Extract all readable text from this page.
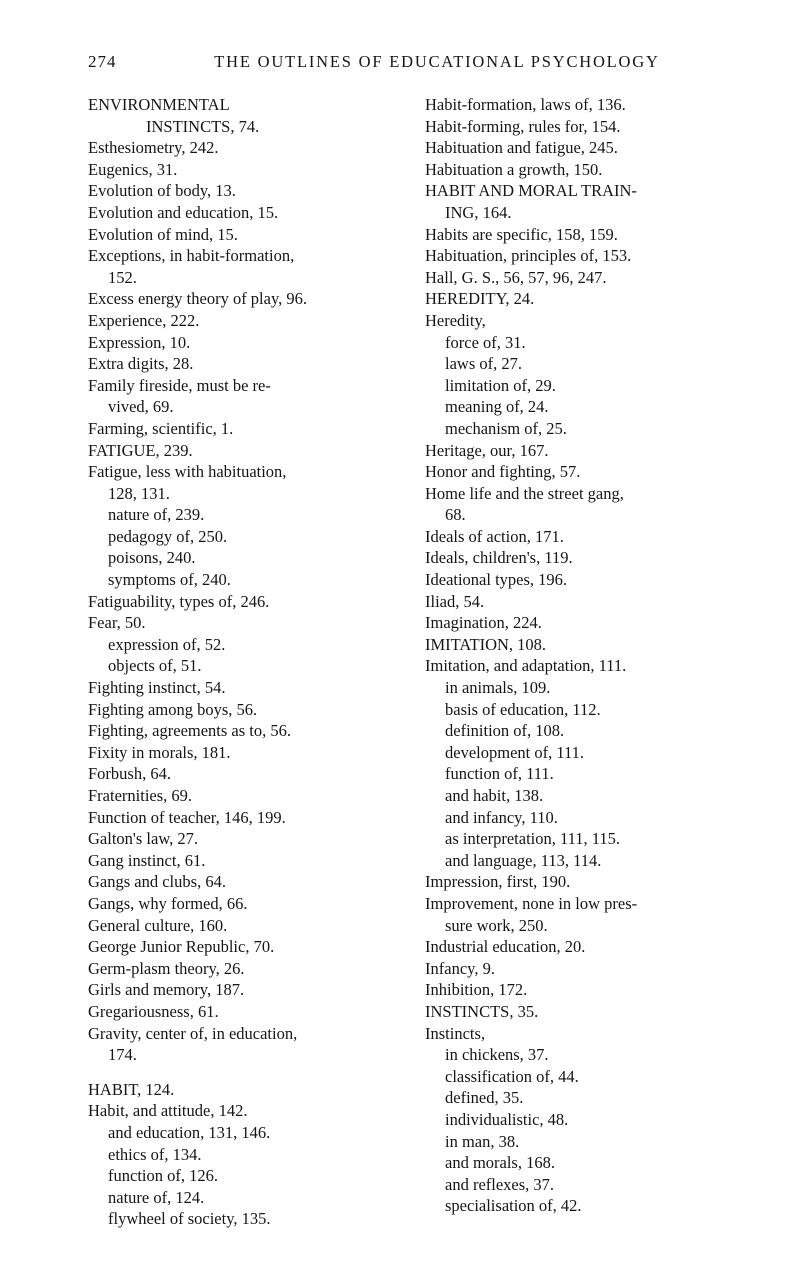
274	THE OUTLINES OF EDUCATIONAL PSYCHOLOGY
ENVIRONMENTAL
INSTINCTS, 74.
Esthesiometry, 242.
Eugenics, 31.
Evolution of body, 13.
Evolution and education, 15.
Evolution of mind, 15.
Exceptions, in habit-formation,
152.
Excess energy theory of play, 96.
Experience, 222.
Expression, 10.
Extra digits, 28.
Family fireside, must be re-
vived, 69.
Farming, scientific, 1.
FATIGUE, 239.
Fatigue, less with habituation,
128, 131.
nature of, 239.
pedagogy of, 250.
poisons, 240.
symptoms of, 240.
Fatiguability, types of, 246.
Fear, 50.
expression of, 52.
objects of, 51.
Fighting instinct, 54.
Fighting among boys, 56.
Fighting, agreements as to, 56.
Fixity in morals, 181.
Forbush, 64.
Fraternities, 69.
Function of teacher, 146, 199.
Galton's law, 27.
Gang instinct, 61.
Gangs and clubs, 64.
Gangs, why formed, 66.
General culture, 160.
George Junior Republic, 70.
Germ-plasm theory, 26.
Girls and memory, 187.
Gregariousness, 61.
Gravity, center of, in education,
174.
HABIT, 124.
Habit, and attitude, 142.
and education, 131, 146.
ethics of, 134.
function of, 126.
nature of, 124.
flywheel of society, 135.
Habit-formation, laws of, 136.
Habit-forming, rules for, 154.
Habituation and fatigue, 245.
Habituation a growth, 150.
HABIT AND MORAL TRAIN-
ING, 164.
Habits are specific, 158, 159.
Habituation, principles of, 153.
Hall, G. S., 56, 57, 96, 247.
HEREDITY, 24.
Heredity,
force of, 31.
laws of, 27.
limitation of, 29.
meaning of, 24.
mechanism of, 25.
Heritage, our, 167.
Honor and fighting, 57.
Home life and the street gang,
68.
Ideals of action, 171.
Ideals, children's, 119.
Ideational types, 196.
Iliad, 54.
Imagination, 224.
IMITATION, 108.
Imitation, and adaptation, 111.
in animals, 109.
basis of education, 112.
definition of, 108.
development of, 111.
function of, 111.
and habit, 138.
and infancy, 110.
as interpretation, 111, 115.
and language, 113, 114.
Impression, first, 190.
Improvement, none in low pres-
sure work, 250.
Industrial education, 20.
Infancy, 9.
Inhibition, 172.
INSTINCTS, 35.
Instincts,
in chickens, 37.
classification of, 44.
defined, 35.
individualistic, 48.
in man, 38.
and morals, 168.
and reflexes, 37.
specialisation of, 42.
